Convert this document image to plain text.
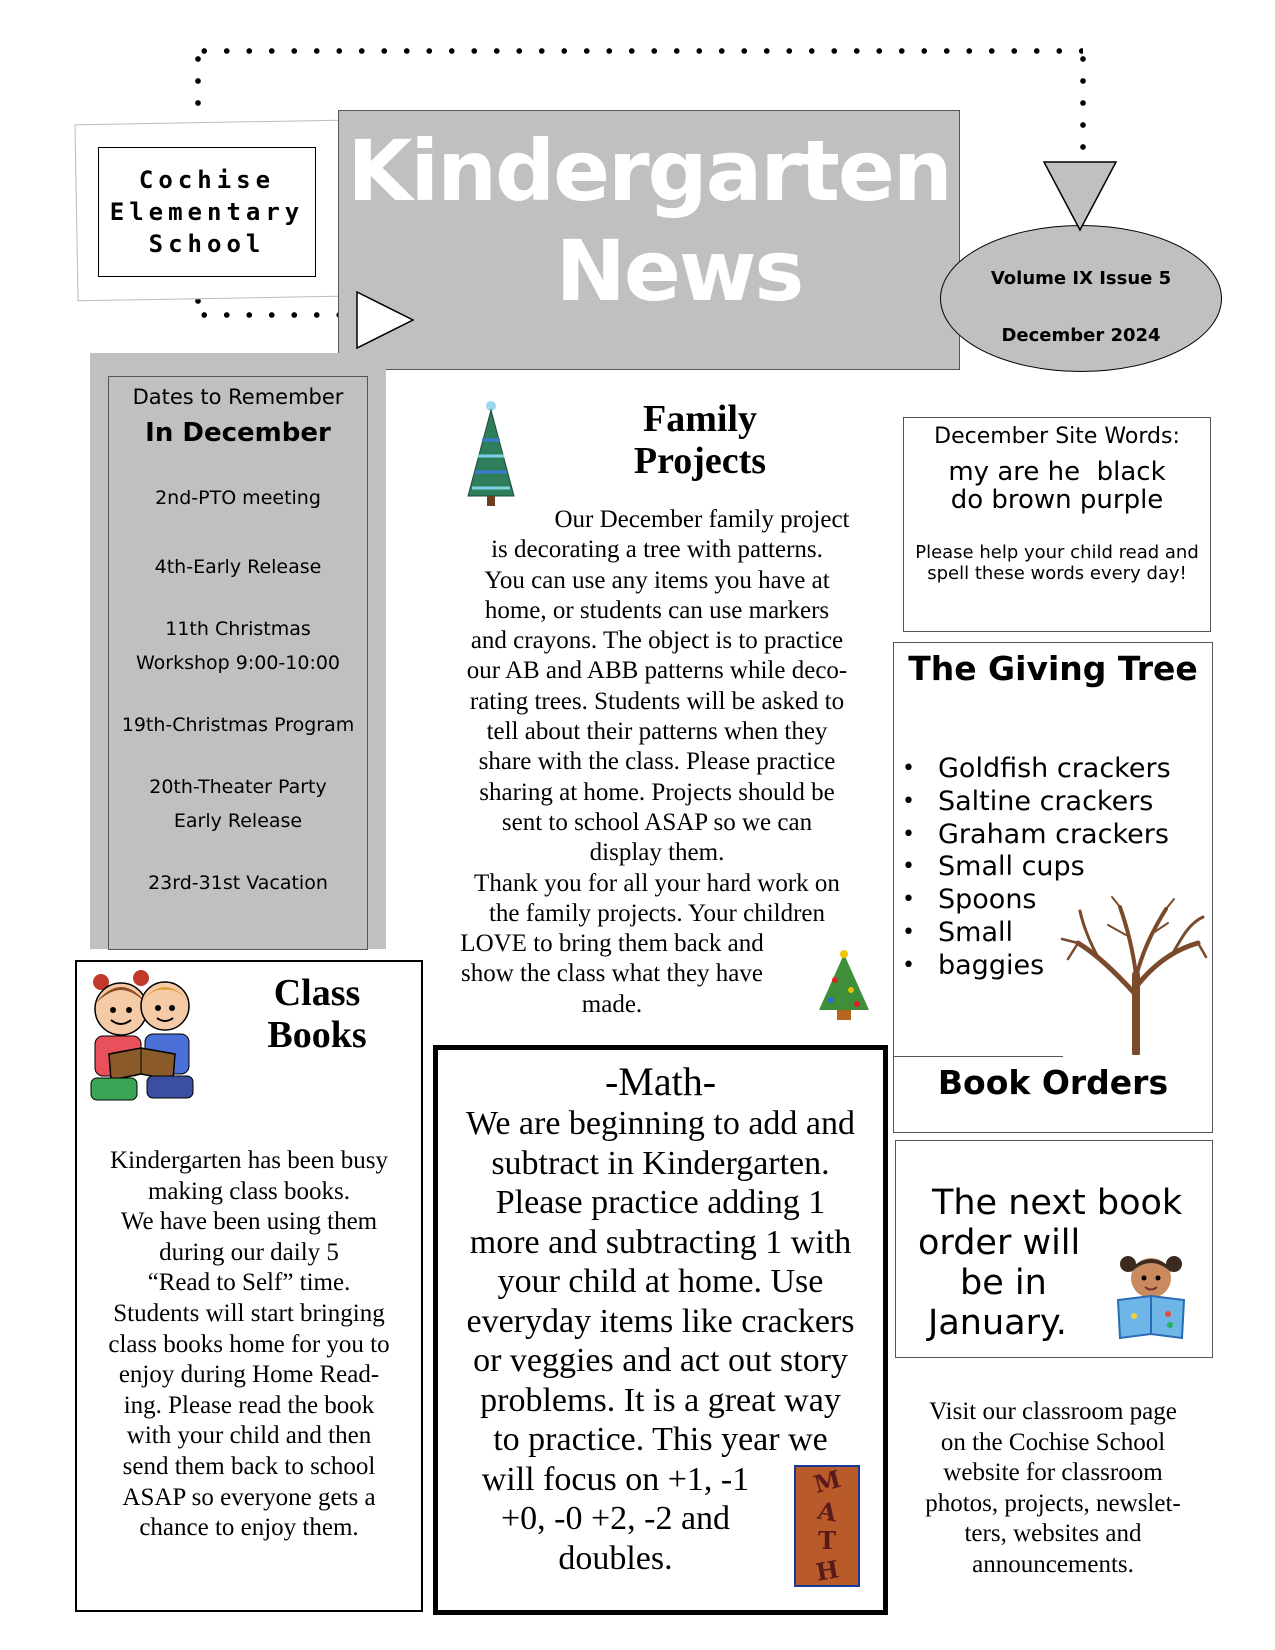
Cochise Elementary School
Kindergarten
News	Volume IX Issue 5
December 2024
Dates to Remember
In December
2nd-PTO meeting
4th-Early Release
11th Christmas
Workshop 9:00-10:00
19th-Christmas Program
20th-Theater Party
Early Release
23rd-31st Vacation
Family
Projects
Our December family project
is decorating a tree with patterns.
You can use any items you have at
home, or students can use markers
and crayons. The object is to practice
our AB and ABB patterns while deco-
rating trees. Students will be asked to
tell about their patterns when they
share with the class. Please practice
sharing at home. Projects should be
sent to school ASAP so we can
display them.
Thank you for all your hard work on
the family projects. Your children
LOVE to bring them back and
show the class what they have
made.
December Site Words:
my are he  black
do brown purple
Please help your child read and
spell these words every day!
The Giving Tree
• Goldfish crackers
• Saltine crackers
• Graham crackers
• Small cups
• Spoons
• Small
• baggies
Book Orders
The next book
order will
be in
January.
Visit our classroom page
on the Cochise School
website for classroom
photos, projects, newslet-
ters, websites and
announcements.
Class
Books
Kindergarten has been busy
making class books.
We have been using them
during our daily 5
“Read to Self” time.
Students will start bringing
class books home for you to
enjoy during Home Read-
ing. Please read the book
with your child and then
send them back to school
ASAP so everyone gets a
chance to enjoy them.
-Math-
We are beginning to add and
subtract in Kindergarten.
Please practice adding 1
more and subtracting 1 with
your child at home. Use
everyday items like crackers
or veggies and act out story
problems. It is a great way
to practice. This year we
will focus on +1, -1
+0, -0 +2, -2 and
doubles.
M
A
T
H
